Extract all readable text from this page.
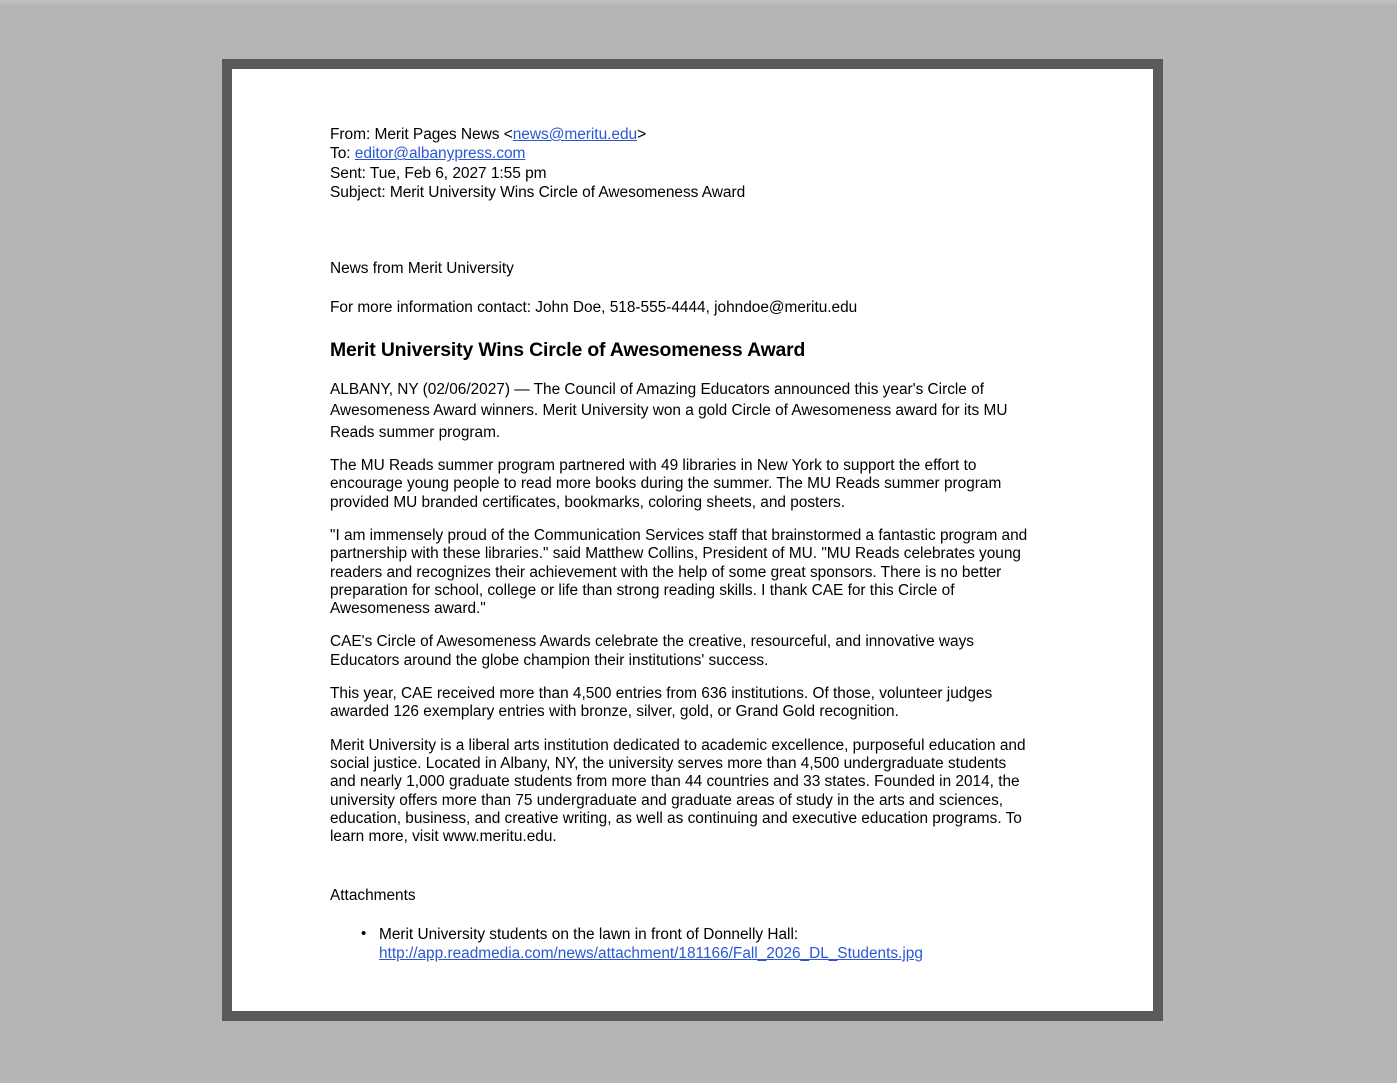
From: Merit Pages News <news@meritu.edu>
To: editor@albanypress.com
Sent: Tue, Feb 6, 2027 1:55 pm
Subject: Merit University Wins Circle of Awesomeness Award
News from Merit University
For more information contact: John Doe, 518-555-4444, johndoe@meritu.edu
Merit University Wins Circle of Awesomeness Award

ALBANY, NY (02/06/2027) — The Council of Amazing Educators announced this year's Circle of Awesomeness Award winners. Merit University won a gold Circle of Awesomeness award for its MU Reads summer program.

The MU Reads summer program partnered with 49 libraries in New York to support the effort to encourage young people to read more books during the summer. The MU Reads summer program provided MU branded certificates, bookmarks, coloring sheets, and posters.

"I am immensely proud of the Communication Services staff that brainstormed a fantastic program and partnership with these libraries." said Matthew Collins, President of MU. "MU Reads celebrates young readers and recognizes their achievement with the help of some great sponsors. There is no better preparation for school, college or life than strong reading skills. I thank CAE for this Circle of Awesomeness award."

CAE's Circle of Awesomeness Awards celebrate the creative, resourceful, and innovative ways Educators around the globe champion their institutions' success.

This year, CAE received more than 4,500 entries from 636 institutions. Of those, volunteer judges awarded 126 exemplary entries with bronze, silver, gold, or Grand Gold recognition.

Merit University is a liberal arts institution dedicated to academic excellence, purposeful education and social justice. Located in Albany, NY, the university serves more than 4,500 undergraduate students and nearly 1,000 graduate students from more than 44 countries and 33 states. Founded in 2014, the university offers more than 75 undergraduate and graduate areas of study in the arts and sciences, education, business, and creative writing, as well as continuing and executive education programs. To learn more, visit www.meritu.edu.

Attachments
• Merit University students on the lawn in front of Donnelly Hall: http://app.readmedia.com/news/attachment/181166/Fall_2026_DL_Students.jpg
